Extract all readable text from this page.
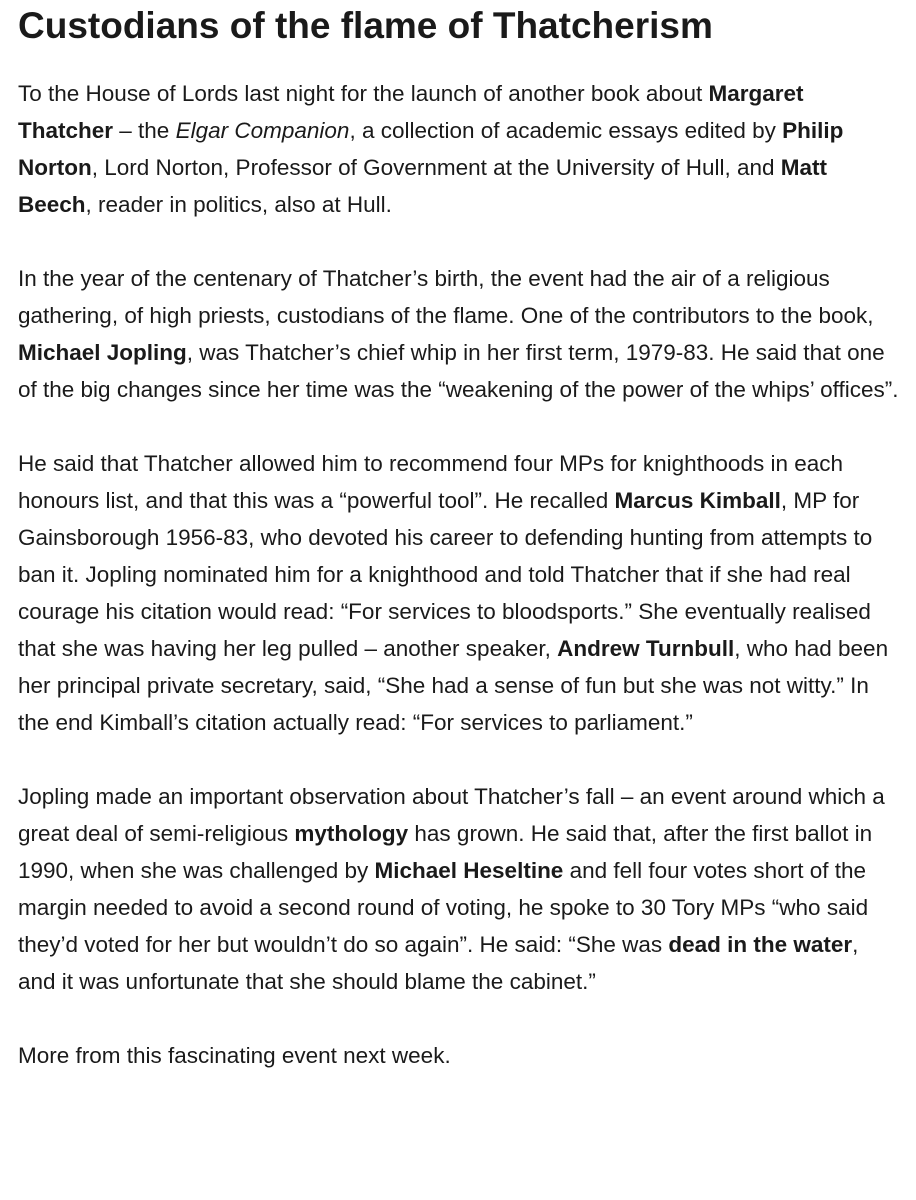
Custodians of the flame of Thatcherism

To the House of Lords last night for the launch of another book about Margaret Thatcher – the Elgar Companion, a collection of academic essays edited by Philip Norton, Lord Norton, Professor of Government at the University of Hull, and Matt Beech, reader in politics, also at Hull.

In the year of the centenary of Thatcher’s birth, the event had the air of a religious gathering, of high priests, custodians of the flame. One of the contributors to the book, Michael Jopling, was Thatcher’s chief whip in her first term, 1979-83. He said that one of the big changes since her time was the “weakening of the power of the whips’ offices”.

He said that Thatcher allowed him to recommend four MPs for knighthoods in each honours list, and that this was a “powerful tool”. He recalled Marcus Kimball, MP for Gainsborough 1956-83, who devoted his career to defending hunting from attempts to ban it. Jopling nominated him for a knighthood and told Thatcher that if she had real courage his citation would read: “For services to bloodsports.” She eventually realised that she was having her leg pulled – another speaker, Andrew Turnbull, who had been her principal private secretary, said, “She had a sense of fun but she was not witty.” In the end Kimball’s citation actually read: “For services to parliament.”

Jopling made an important observation about Thatcher’s fall – an event around which a great deal of semi-religious mythology has grown. He said that, after the first ballot in 1990, when she was challenged by Michael Heseltine and fell four votes short of the margin needed to avoid a second round of voting, he spoke to 30 Tory MPs “who said they’d voted for her but wouldn’t do so again”. He said: “She was dead in the water, and it was unfortunate that she should blame the cabinet.”

More from this fascinating event next week.
